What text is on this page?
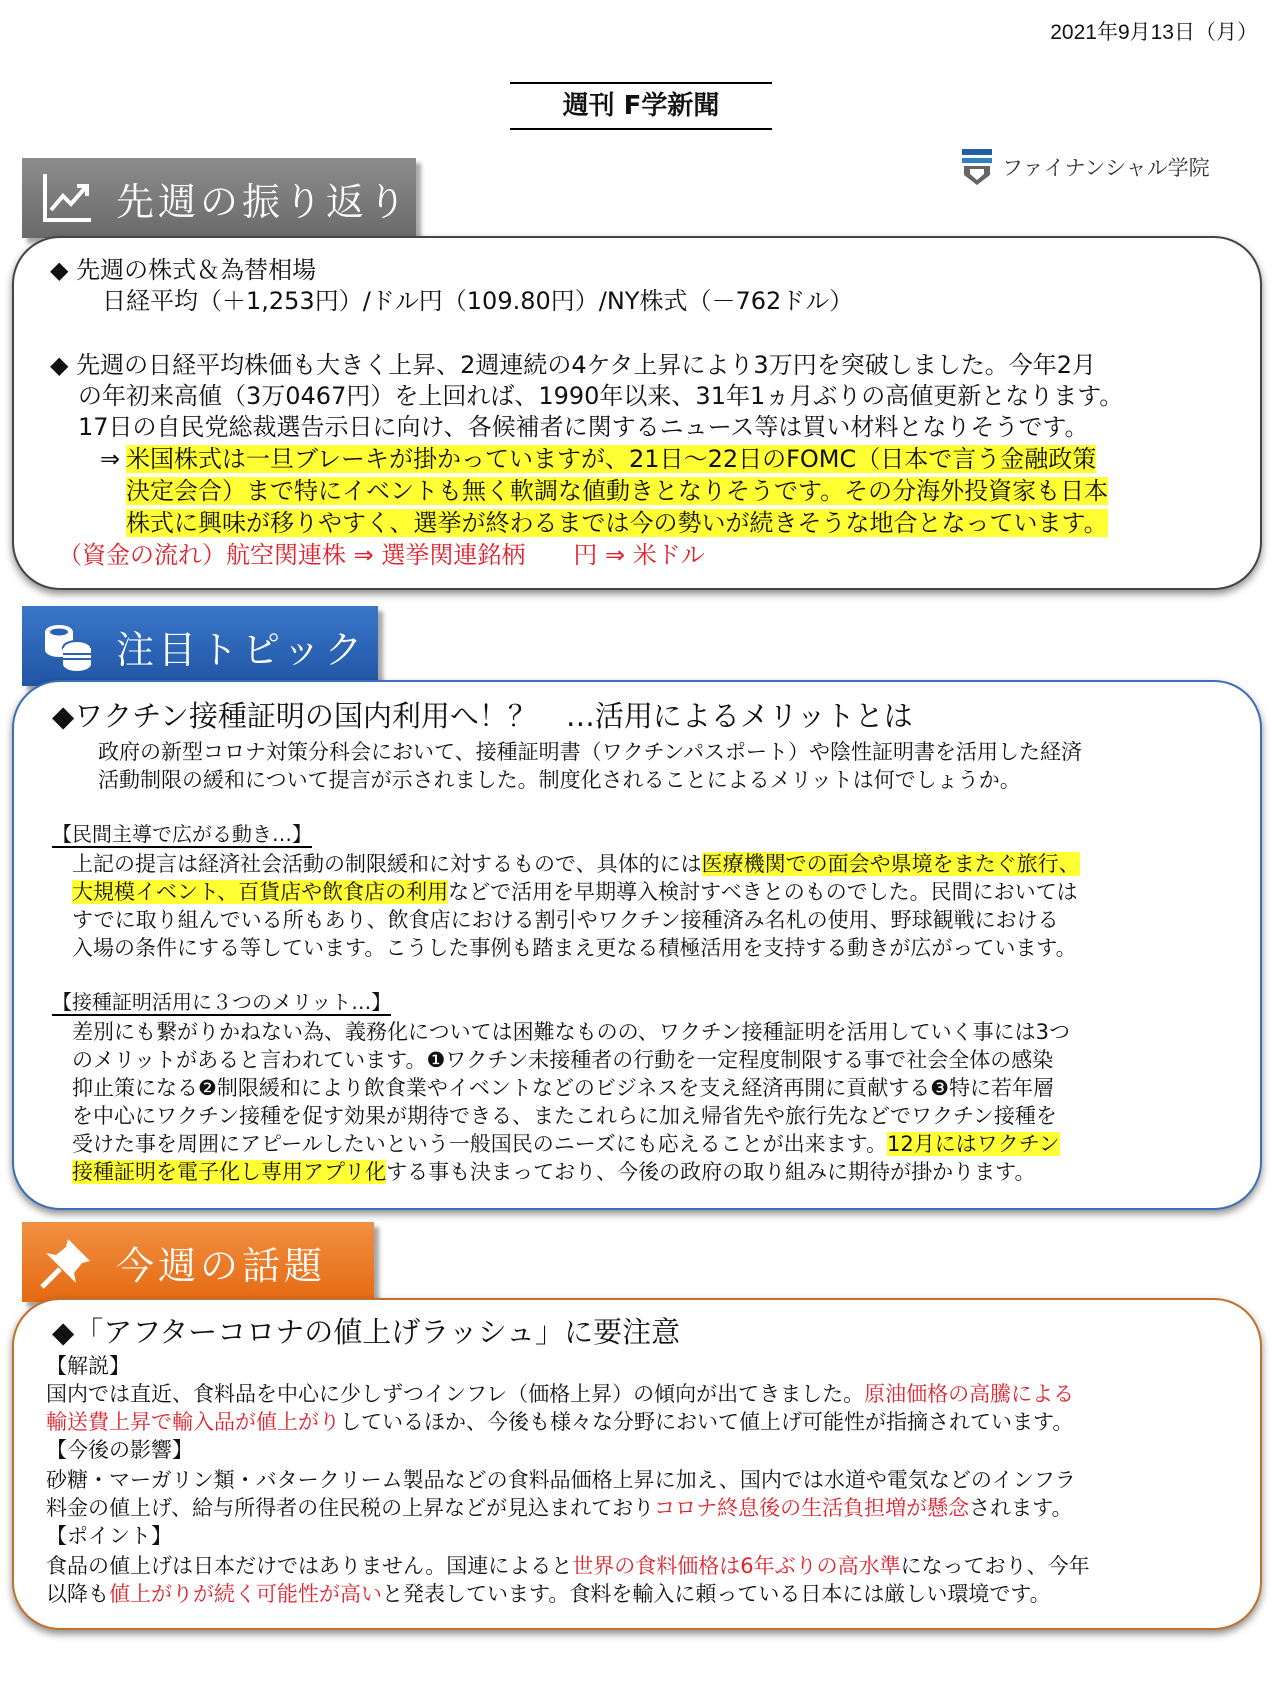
2021年9月13日（月）
週刊 F学新聞
ファイナンシャル学院
先週の振り返り
◆ 先週の株式＆為替相場
日経平均（＋1,253円）/ドル円（109.80円）/NY株式（－762ドル）
◆ 先週の日経平均株価も大きく上昇、2週連続の4ケタ上昇により3万円を突破しました。今年2月
の年初来高値（3万0467円）を上回れば、1990年以来、31年1ヵ月ぶりの高値更新となります。
17日の自民党総裁選告示日に向け、各候補者に関するニュース等は買い材料となりそうです。
⇒ 米国株式は一旦ブレーキが掛かっていますが、21日～22日のFOMC（日本で言う金融政策
決定会合）まで特にイベントも無く軟調な値動きとなりそうです。その分海外投資家も日本
株式に興味が移りやすく、選挙が終わるまでは今の勢いが続きそうな地合となっています。
（資金の流れ）航空関連株 ⇒ 選挙関連銘柄　　円 ⇒ 米ドル
注目トピック
◆ワクチン接種証明の国内利用へ！？　…活用によるメリットとは
政府の新型コロナ対策分科会において、接種証明書（ワクチンパスポート）や陰性証明書を活用した経済
活動制限の緩和について提言が示されました。制度化されることによるメリットは何でしょうか。
【民間主導で広がる動き…】
上記の提言は経済社会活動の制限緩和に対するもので、具体的には医療機関での面会や県境をまたぐ旅行、
大規模イベント、百貨店や飲食店の利用などで活用を早期導入検討すべきとのものでした。民間においては
すでに取り組んでいる所もあり、飲食店における割引やワクチン接種済み名札の使用、野球観戦における
入場の条件にする等しています。こうした事例も踏まえ更なる積極活用を支持する動きが広がっています。
【接種証明活用に３つのメリット…】
差別にも繋がりかねない為、義務化については困難なものの、ワクチン接種証明を活用していく事には3つ
のメリットがあると言われています。❶ワクチン未接種者の行動を一定程度制限する事で社会全体の感染
抑止策になる❷制限緩和により飲食業やイベントなどのビジネスを支え経済再開に貢献する❸特に若年層
を中心にワクチン接種を促す効果が期待できる、またこれらに加え帰省先や旅行先などでワクチン接種を
受けた事を周囲にアピールしたいという一般国民のニーズにも応えることが出来ます。12月にはワクチン
接種証明を電子化し専用アプリ化する事も決まっており、今後の政府の取り組みに期待が掛かります。
今週の話題
◆「アフターコロナの値上げラッシュ」に要注意
【解説】
国内では直近、食料品を中心に少しずつインフレ（価格上昇）の傾向が出てきました。原油価格の高騰による
輸送費上昇で輸入品が値上がりしているほか、今後も様々な分野において値上げ可能性が指摘されています。
【今後の影響】
砂糖・マーガリン類・バタークリーム製品などの食料品価格上昇に加え、国内では水道や電気などのインフラ
料金の値上げ、給与所得者の住民税の上昇などが見込まれておりコロナ終息後の生活負担増が懸念されます。
【ポイント】
食品の値上げは日本だけではありません。国連によると世界の食料価格は6年ぶりの高水準になっており、今年
以降も値上がりが続く可能性が高いと発表しています。食料を輸入に頼っている日本には厳しい環境です。
